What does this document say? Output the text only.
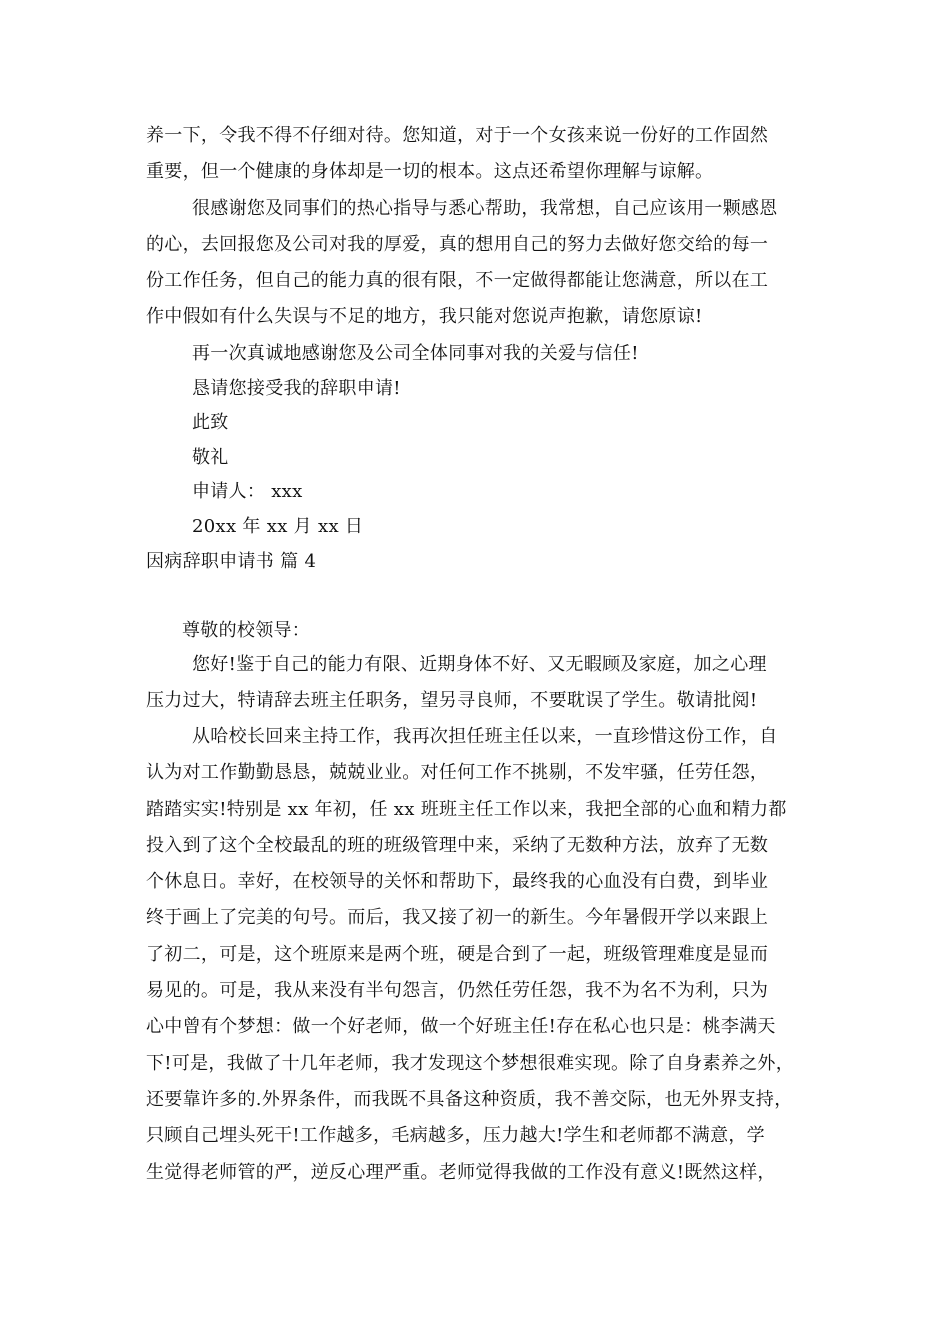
养一下，令我不得不仔细对待。您知道，对于一个女孩来说一份好的工作固然
重要，但一个健康的身体却是一切的根本。这点还希望你理解与谅解。
很感谢您及同事们的热心指导与悉心帮助，我常想，自己应该用一颗感恩
的心，去回报您及公司对我的厚爱，真的想用自己的努力去做好您交给的每一
份工作任务，但自己的能力真的很有限，不一定做得都能让您满意，所以在工
作中假如有什么失误与不足的地方，我只能对您说声抱歉，请您原谅!
再一次真诚地感谢您及公司全体同事对我的关爱与信任!
恳请您接受我的辞职申请!
此致
敬礼
申请人： xxx
20xx 年 xx 月 xx 日
因病辞职申请书 篇 4
尊敬的校领导：
您好!鉴于自己的能力有限、近期身体不好、又无暇顾及家庭，加之心理
压力过大，特请辞去班主任职务，望另寻良师，不要耽误了学生。敬请批阅!
从哈校长回来主持工作，我再次担任班主任以来，一直珍惜这份工作，自
认为对工作勤勤恳恳，兢兢业业。对任何工作不挑剔，不发牢骚，任劳任怨，
踏踏实实!特别是 xx 年初，任 xx 班班主任工作以来，我把全部的心血和精力都
投入到了这个全校最乱的班的班级管理中来，采纳了无数种方法，放弃了无数
个休息日。幸好，在校领导的关怀和帮助下，最终我的心血没有白费，到毕业
终于画上了完美的句号。而后，我又接了初一的新生。今年暑假开学以来跟上
了初二，可是，这个班原来是两个班，硬是合到了一起，班级管理难度是显而
易见的。可是，我从来没有半句怨言，仍然任劳任怨，我不为名不为利，只为
心中曾有个梦想：做一个好老师，做一个好班主任!存在私心也只是：桃李满天
下!可是，我做了十几年老师，我才发现这个梦想很难实现。除了自身素养之外，
还要靠许多的.外界条件，而我既不具备这种资质，我不善交际，也无外界支持，
只顾自己埋头死干!工作越多，毛病越多，压力越大!学生和老师都不满意，学
生觉得老师管的严，逆反心理严重。老师觉得我做的工作没有意义!既然这样，
